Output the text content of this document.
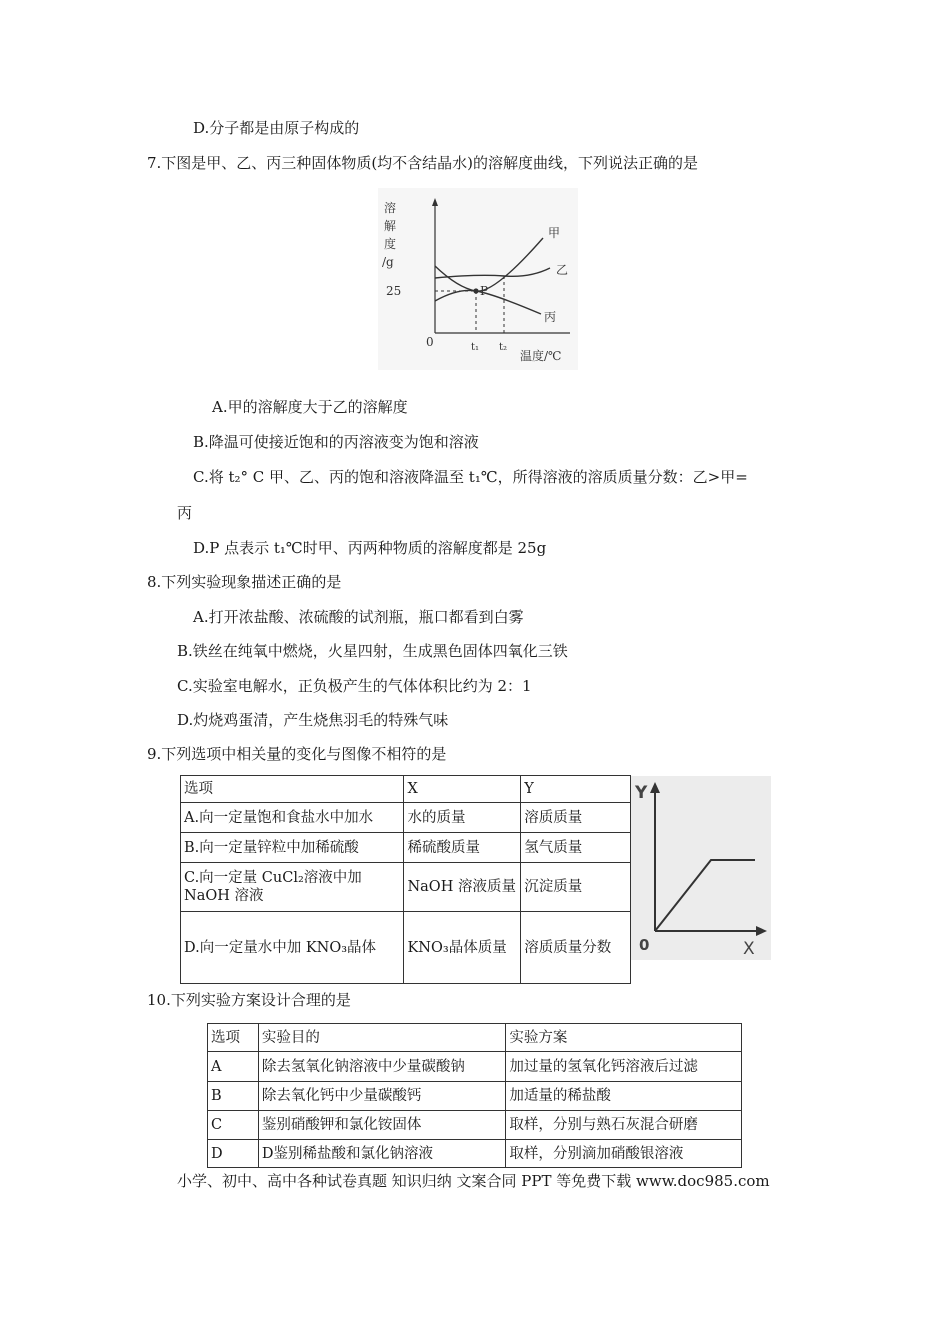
D.分子都是由原子构成的
7.下图是甲、乙、丙三种固体物质(均不含结晶水)的溶解度曲线，下列说法正确的是
溶
解
度
/g
25
0	t₁ t₂
温度/℃
P
甲
乙
丙
A.甲的溶解度大于乙的溶解度
B.降温可使接近饱和的丙溶液变为饱和溶液
C.将 t₂° C 甲、乙、丙的饱和溶液降温至 t₁℃，所得溶液的溶质质量分数：乙>甲=
丙
D.P 点表示 t₁℃时甲、丙两种物质的溶解度都是 25g
8.下列实验现象描述正确的是
A.打开浓盐酸、浓硫酸的试剂瓶，瓶口都看到白雾
B.铁丝在纯氧中燃烧，火星四射，生成黑色固体四氧化三铁
C.实验室电解水，正负极产生的气体体积比约为 2：1
D.灼烧鸡蛋清，产生烧焦羽毛的特殊气味
9.下列选项中相关量的变化与图像不相符的是
选项	X	Y
A.向一定量饱和食盐水中加水	水的质量	溶质质量
B.向一定量锌粒中加稀硫酸	稀硫酸质量	氢气质量
C.向一定量 CuCl₂溶液中加 NaOH 溶液	NaOH 溶液质量	沉淀质量
D.向一定量水中加 KNO₃晶体	KNO₃晶体质量	溶质质量分数
Y
X
0
10.下列实验方案设计合理的是
选项	实验目的	实验方案
A	除去氢氧化钠溶液中少量碳酸钠	加过量的氢氧化钙溶液后过滤
B	除去氧化钙中少量碳酸钙	加适量的稀盐酸
C	鉴别硝酸钾和氯化铵固体	取样，分别与熟石灰混合研磨
D	D鉴别稀盐酸和氯化钠溶液	取样，分别滴加硝酸银溶液
小学、初中、高中各种试卷真题 知识归纳 文案合同 PPT 等免费下载 www.doc985.com
